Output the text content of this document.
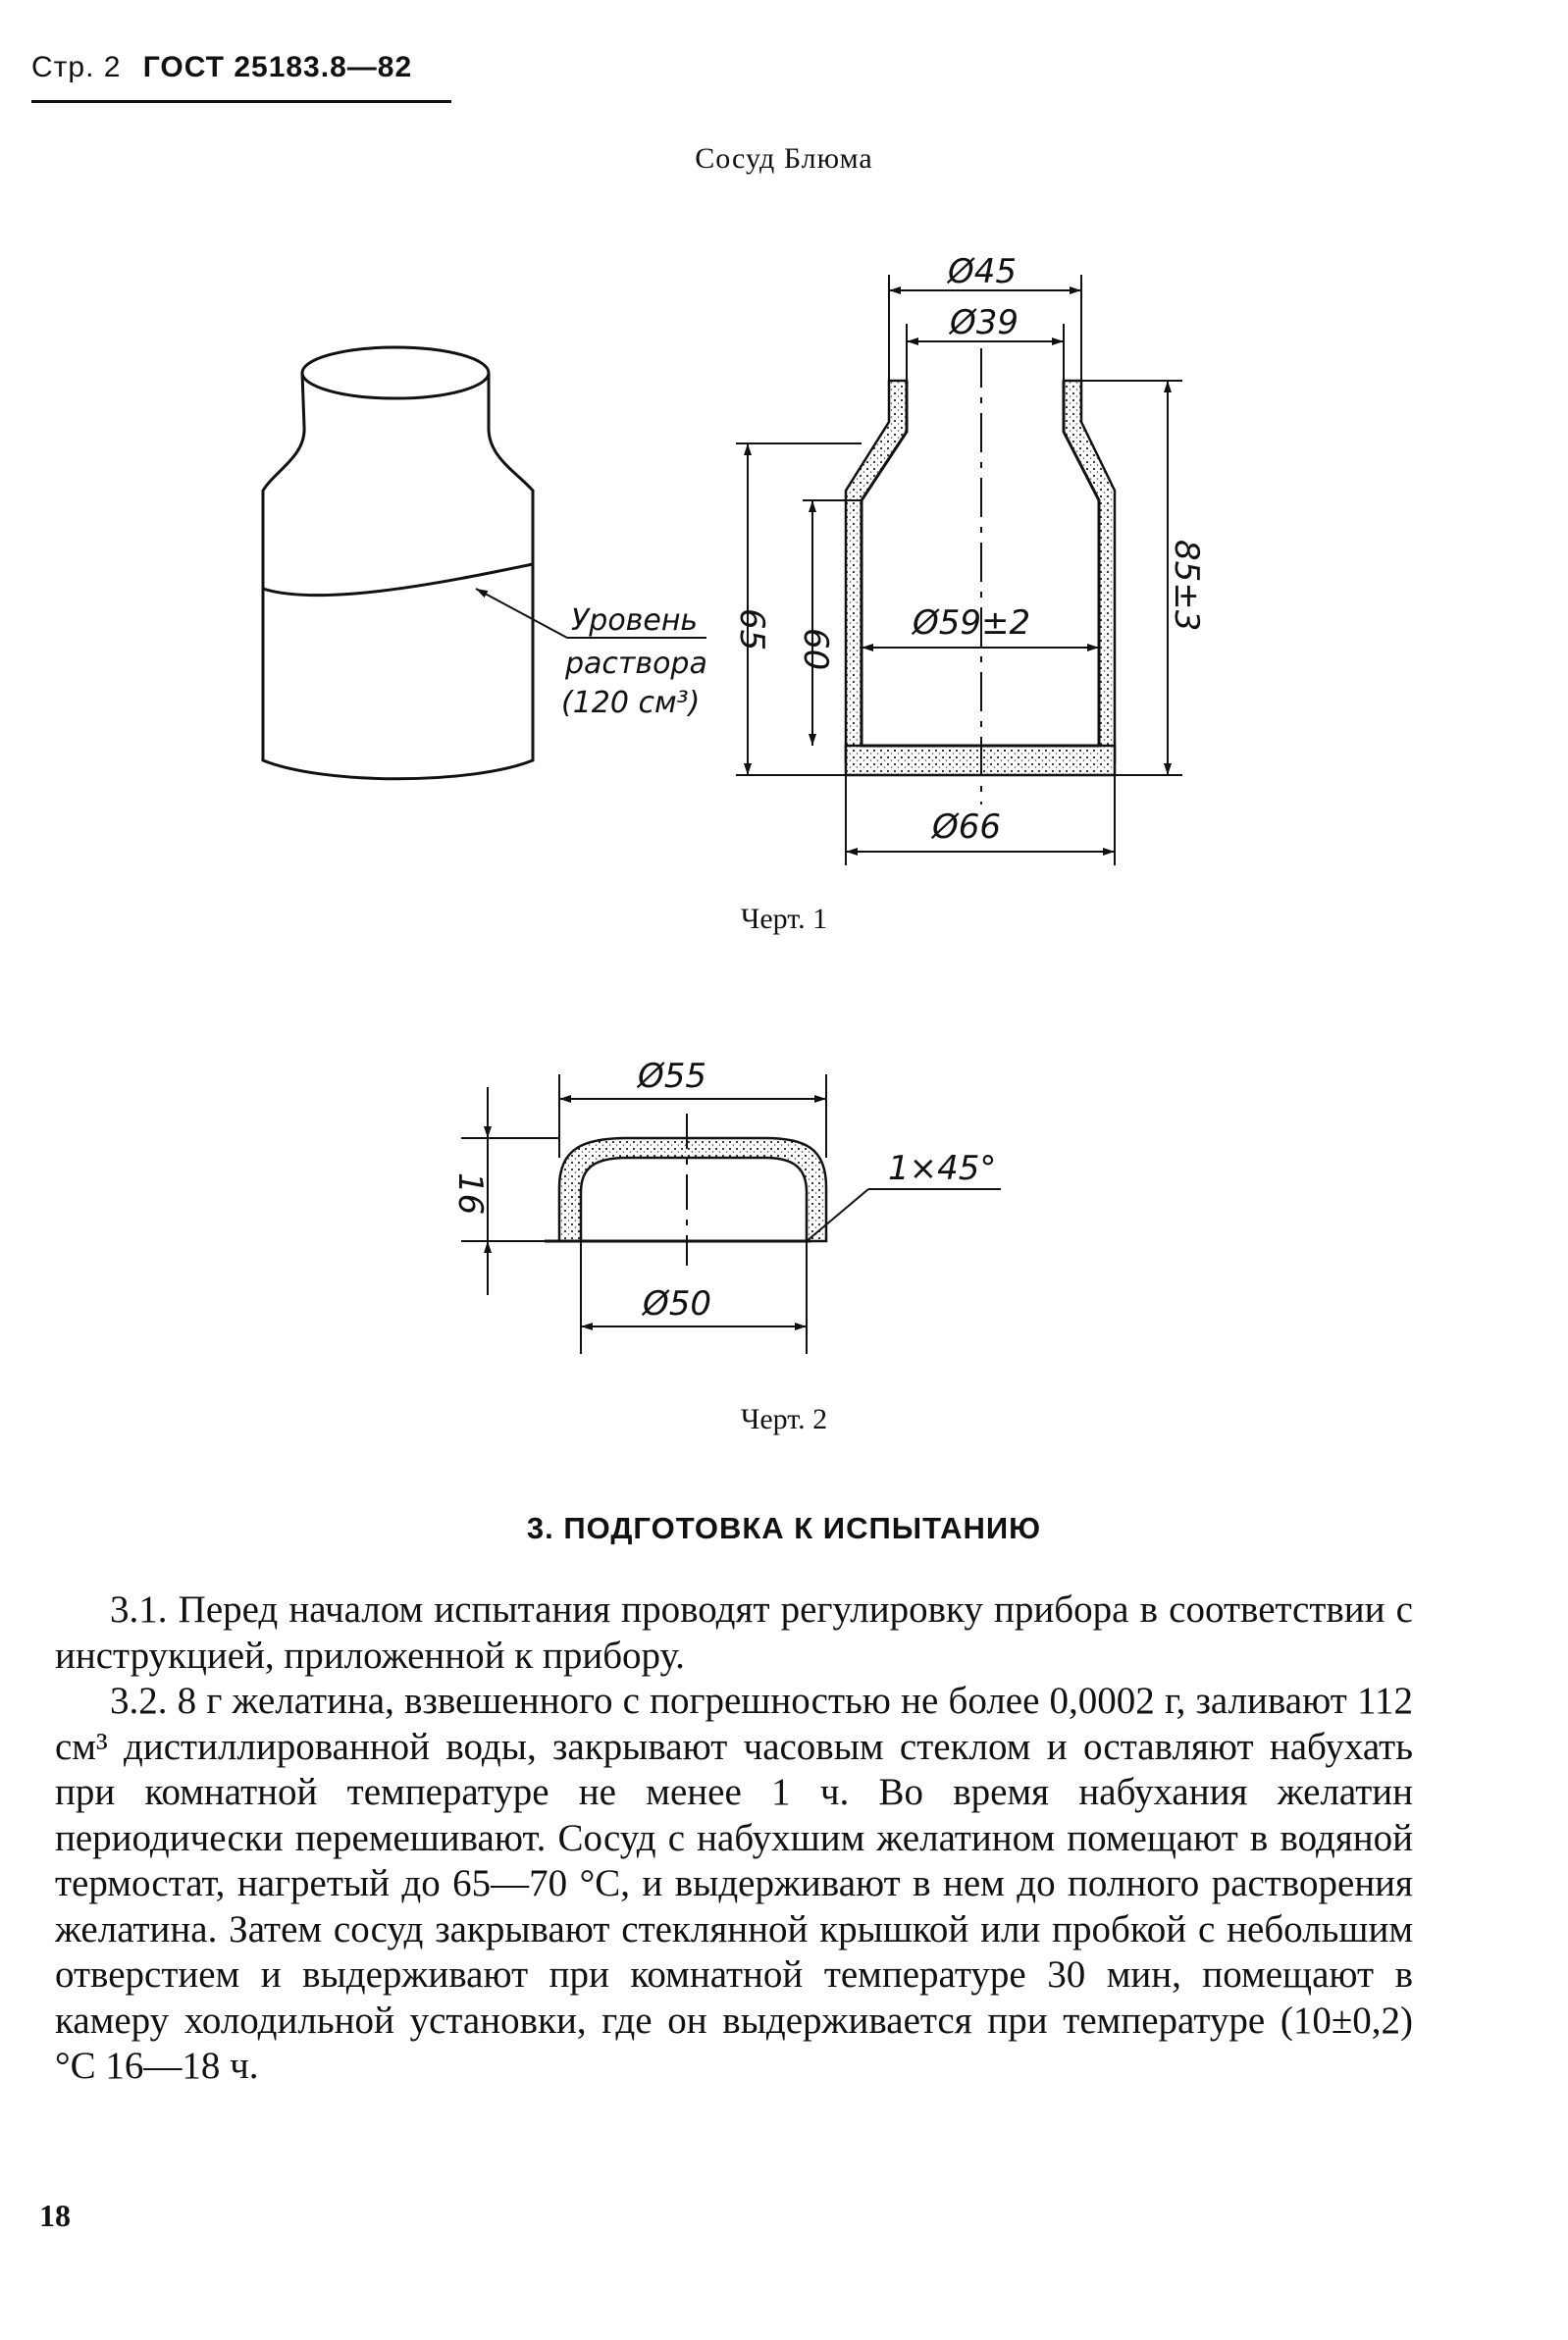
Стр. 2 ГОСТ 25183.8—82
Сосуд Блюма
Уровень
раствора
(120 см³)
Ø45
Ø39
Ø59±2
Ø66
65 60
85±3
Ø55
Ø50
16
1×45°
Черт. 1
Черт. 2
3. ПОДГОТОВКА К ИСПЫТАНИЮ

3.1. Перед началом испытания проводят регулировку прибора в соответствии с инструкцией, приложенной к прибору.

3.2. 8 г желатина, взвешенного с погрешностью не более 0,0002 г, заливают 112 см³ дистиллированной воды, закрывают часовым стеклом и оставляют набухать при комнатной температуре не менее 1 ч. Во время набухания желатин периодически перемешивают. Сосуд с набухшим желатином помещают в водяной термостат, нагретый до 65—70 °С, и выдерживают в нем до полного растворения желатина. Затем сосуд закрывают стеклянной крышкой или пробкой с небольшим отверстием и выдерживают при комнатной температуре 30 мин, помещают в камеру холодильной установки, где он выдерживается при температуре (10±0,2) °С 16—18 ч.

18
